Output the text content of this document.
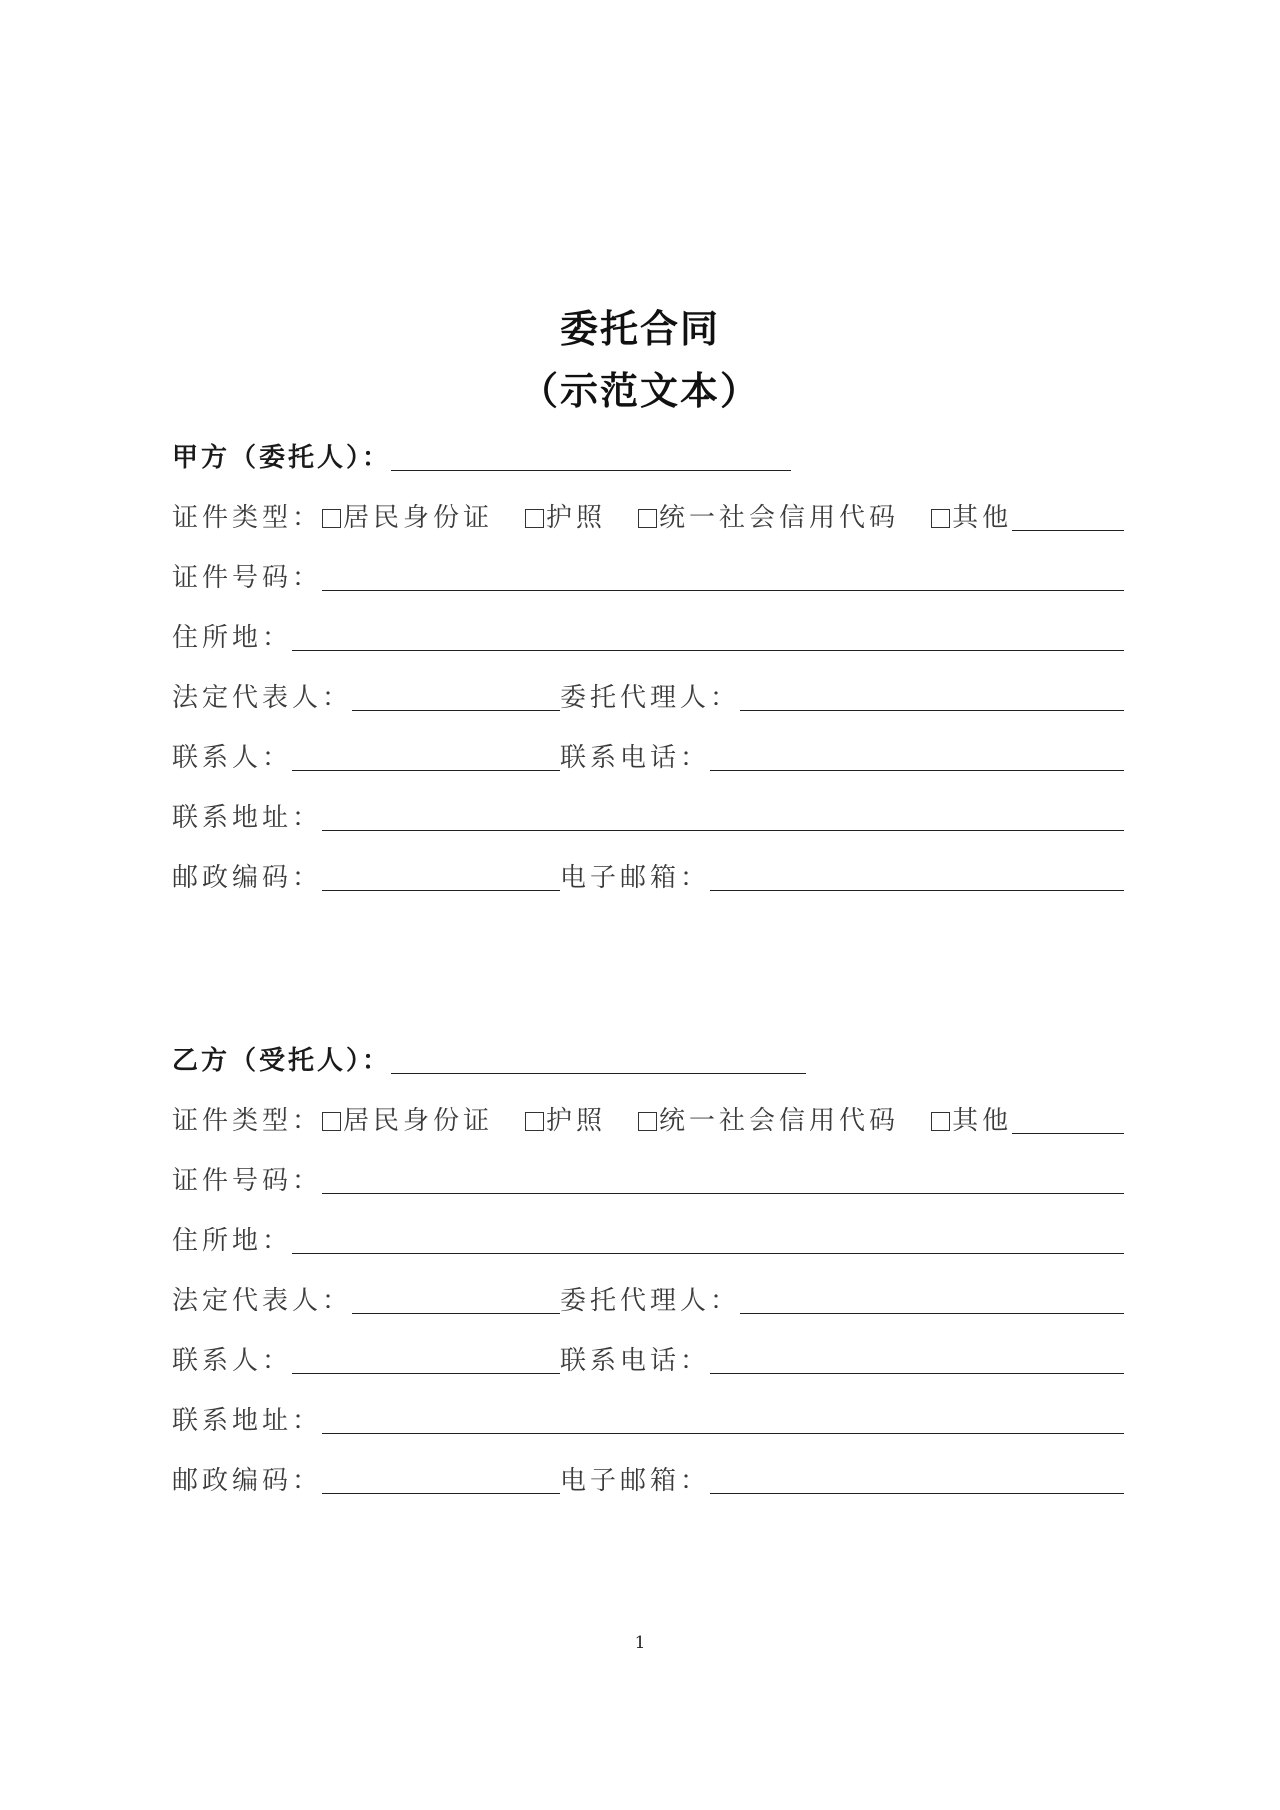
委托合同
（示范文本）
甲方（委托人）：
证件类型： 居民身份证 护照 统一社会信用代码 其他
证件号码：
住所地：
法定代表人：	委托代理人：
联系人：	联系电话：
联系地址：
邮政编码：	电子邮箱：
乙方（受托人）：
证件类型： 居民身份证 护照 统一社会信用代码 其他
证件号码：
住所地：
法定代表人：	委托代理人：
联系人：	联系电话：
联系地址：
邮政编码：	电子邮箱：
1
